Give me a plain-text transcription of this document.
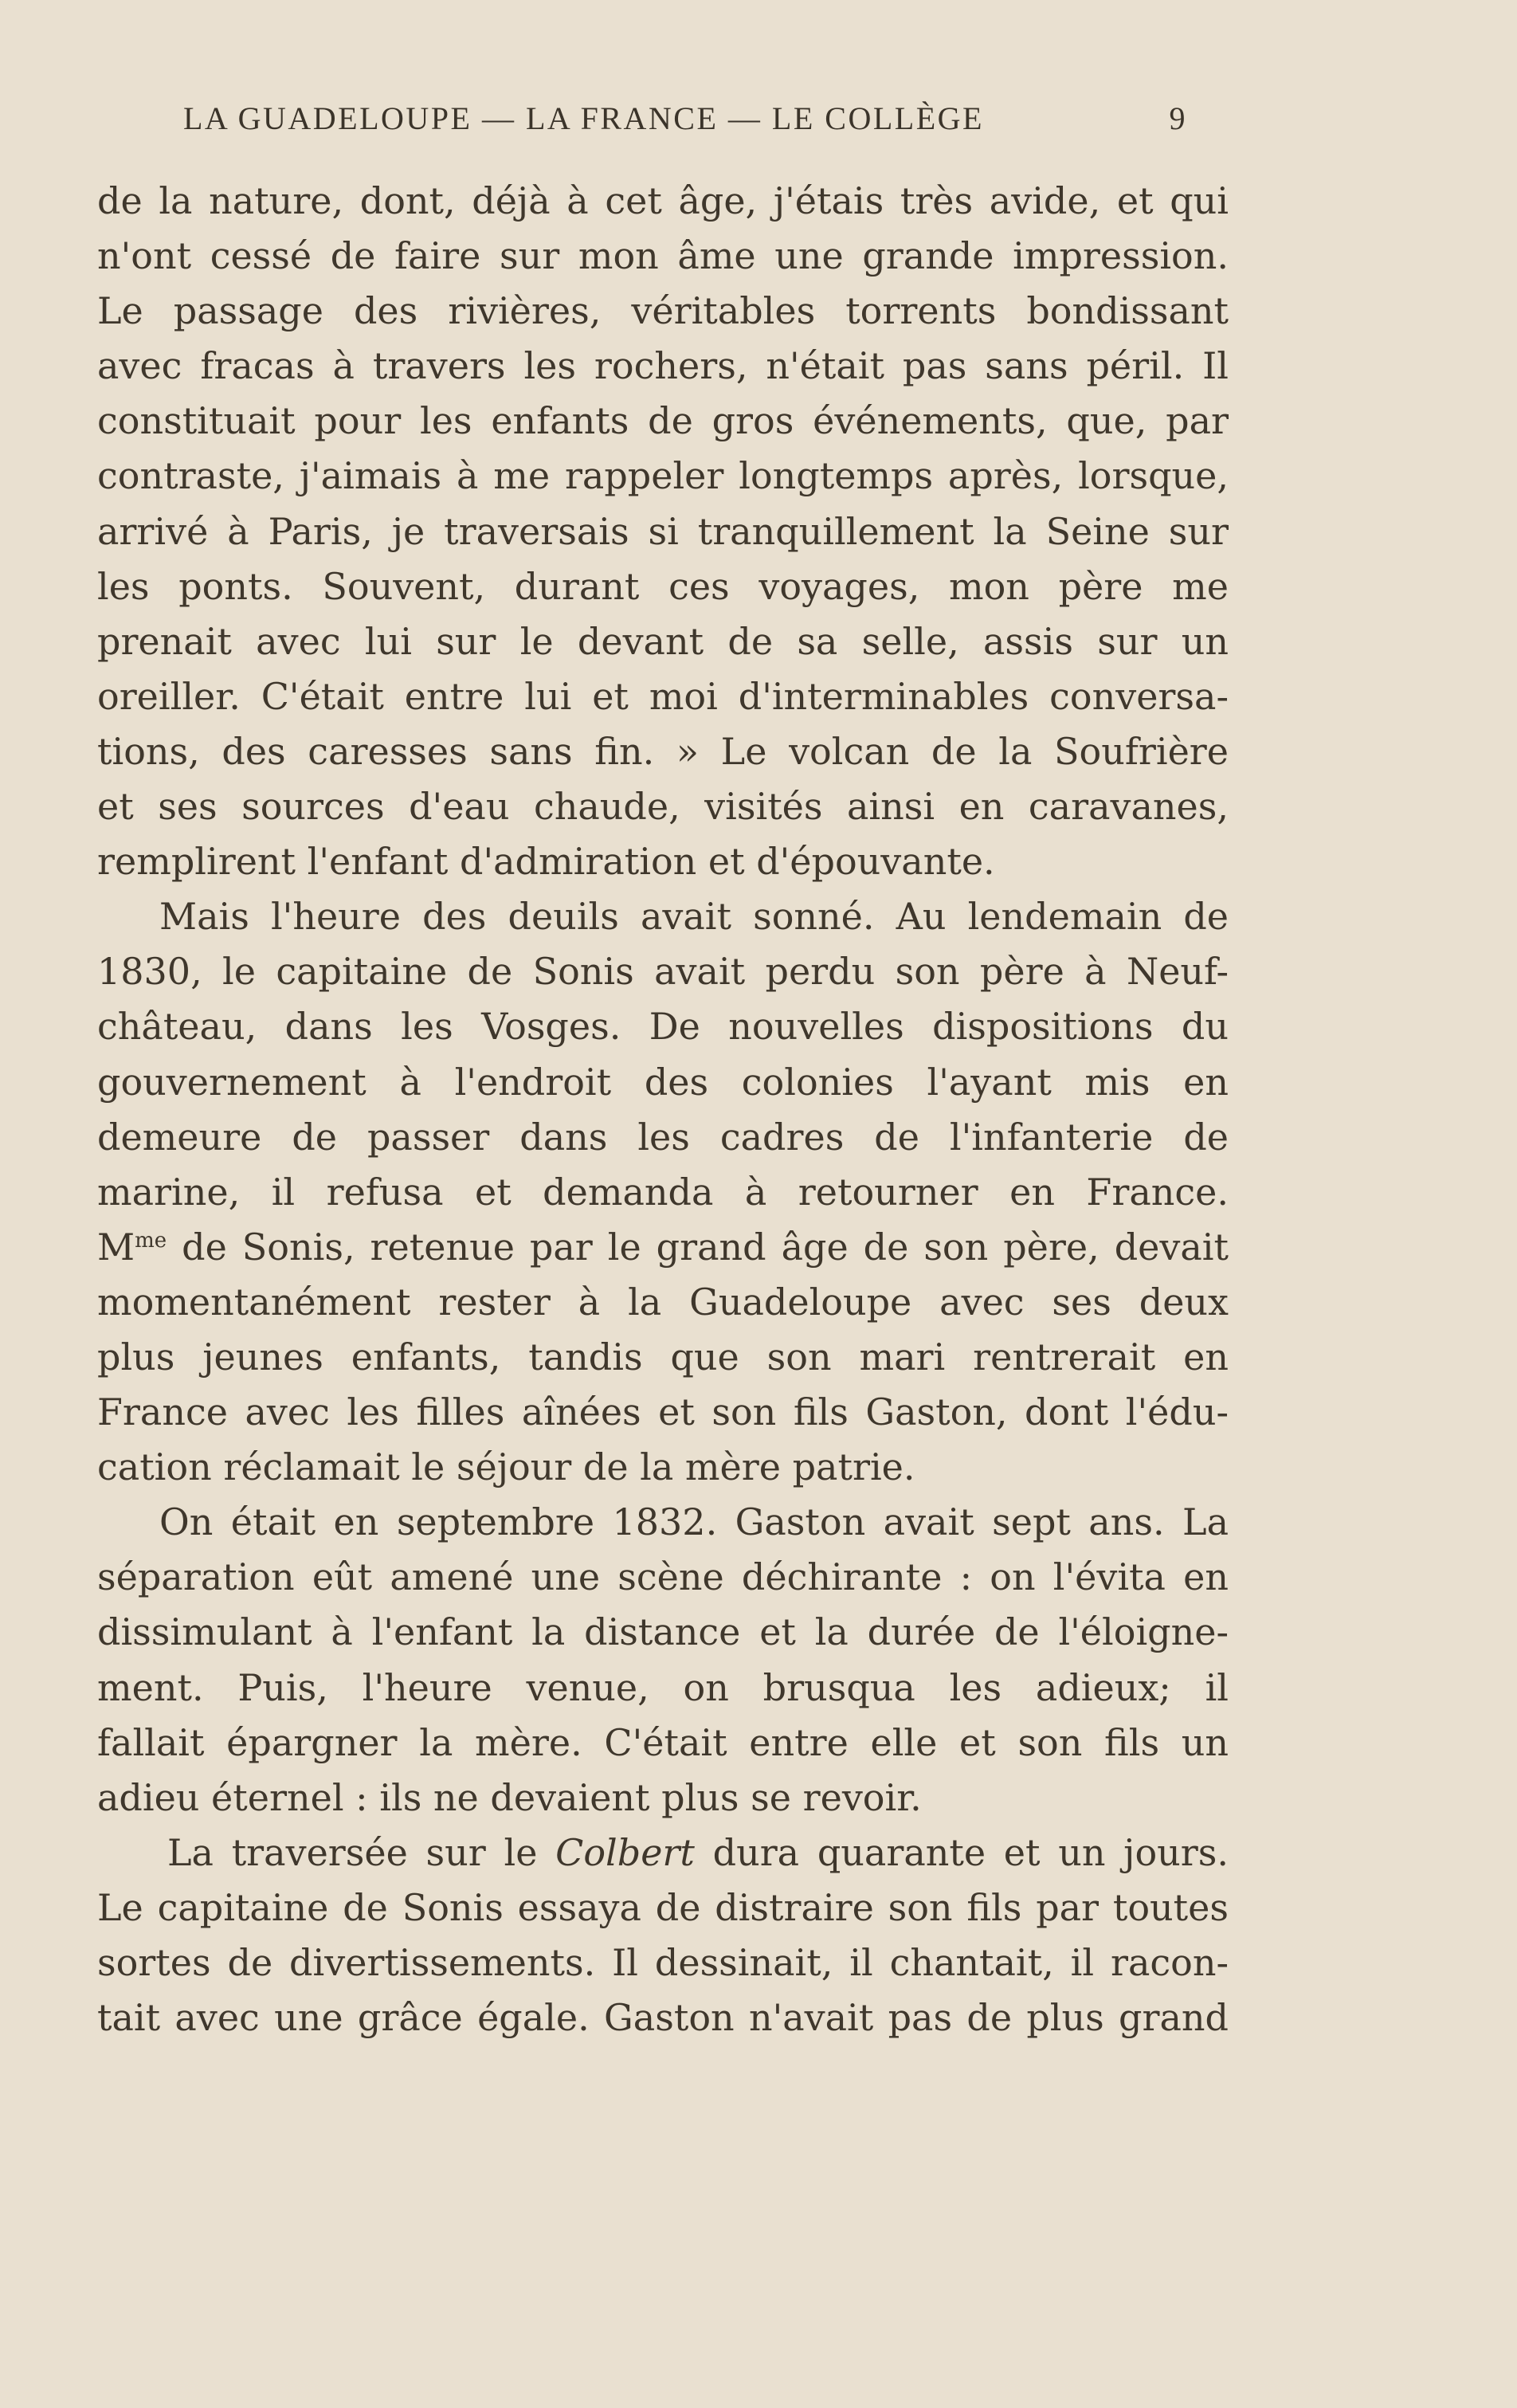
LA GUADELOUPE — LA FRANCE — LE COLLÈGE	9
de la nature, dont, déjà à cet âge, j'étais très avide, et qui
n'ont cessé de faire sur mon âme une grande impression.
Le passage des rivières, véritables torrents bondissant
avec fracas à travers les rochers, n'était pas sans péril. Il
constituait pour les enfants de gros événements, que, par
contraste, j'aimais à me rappeler longtemps après, lorsque,
arrivé à Paris, je traversais si tranquillement la Seine sur
les ponts. Souvent, durant ces voyages, mon père me
prenait avec lui sur le devant de sa selle, assis sur un
oreiller. C'était entre lui et moi d'interminables conversa-
tions, des caresses sans fin. » Le volcan de la Soufrière
et ses sources d'eau chaude, visités ainsi en caravanes,
remplirent l'enfant d'admiration et d'épouvante.
Mais l'heure des deuils avait sonné. Au lendemain de
1830, le capitaine de Sonis avait perdu son père à Neuf-
château, dans les Vosges. De nouvelles dispositions du
gouvernement à l'endroit des colonies l'ayant mis en
demeure de passer dans les cadres de l'infanterie de
marine, il refusa et demanda à retourner en France.
$M^{me}$ de Sonis, retenue par le grand âge de son père, devait
momentanément rester à la Guadeloupe avec ses deux
plus jeunes enfants, tandis que son mari rentrerait en
France avec les filles aînées et son fils Gaston, dont l'édu-
cation réclamait le séjour de la mère patrie.
On était en septembre 1832. Gaston avait sept ans. La
séparation eût amené une scène déchirante : on l'évita en
dissimulant à l'enfant la distance et la durée de l'éloigne-
ment. Puis, l'heure venue, on brusqua les adieux; il
fallait épargner la mère. C'était entre elle et son fils un
adieu éternel : ils ne devaient plus se revoir.
La traversée sur le Colbert dura quarante et un jours.
Le capitaine de Sonis essaya de distraire son fils par toutes
sortes de divertissements. Il dessinait, il chantait, il racon-
tait avec une grâce égale. Gaston n'avait pas de plus grand
